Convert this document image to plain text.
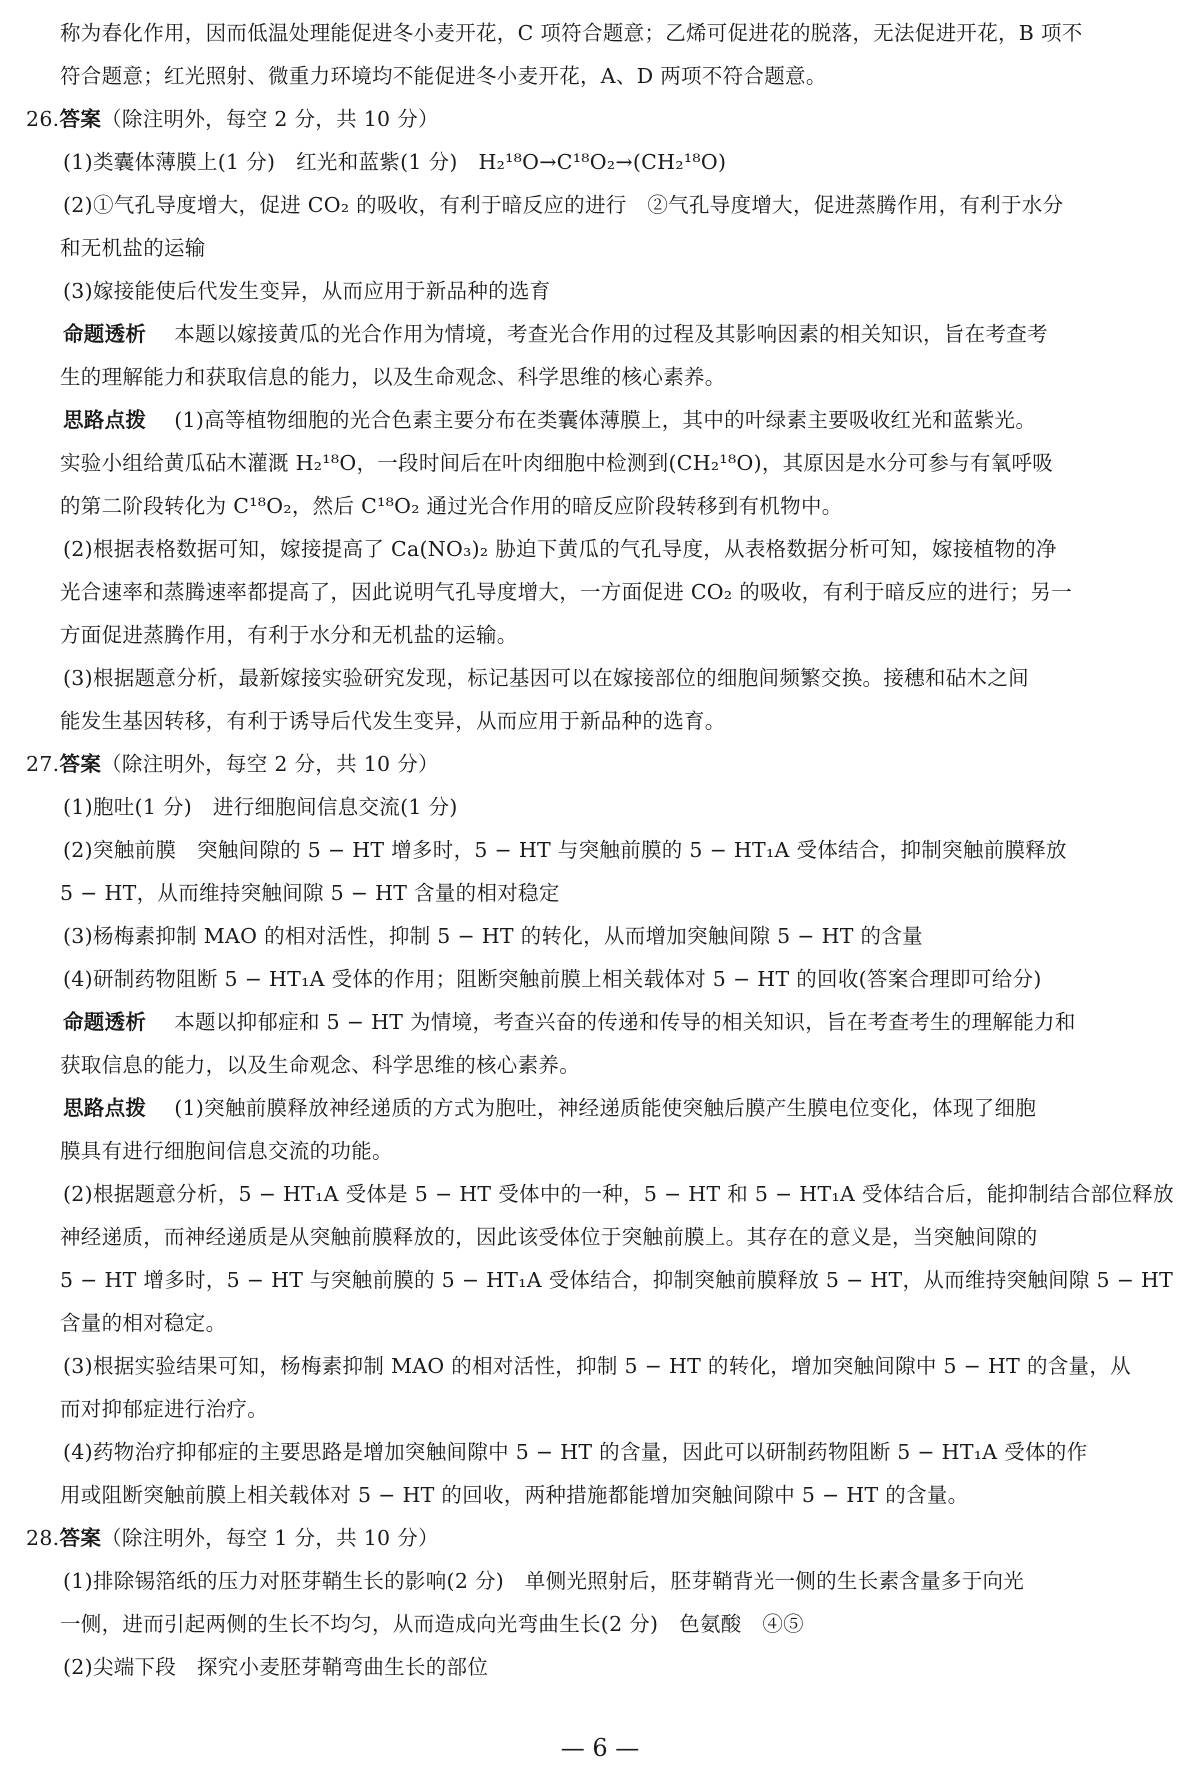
称为春化作用，因而低温处理能促进冬小麦开花，C 项符合题意；乙烯可促进花的脱落，无法促进开花，B 项不
符合题意；红光照射、微重力环境均不能促进冬小麦开花，A、D 两项不符合题意。
26.答案（除注明外，每空 2 分，共 10 分）
(1)类囊体薄膜上(1 分)　红光和蓝紫(1 分)　H₂¹⁸O→C¹⁸O₂→(CH₂¹⁸O)
(2)①气孔导度增大，促进 CO₂ 的吸收，有利于暗反应的进行　②气孔导度增大，促进蒸腾作用，有利于水分
和无机盐的运输
(3)嫁接能使后代发生变异，从而应用于新品种的选育
命题透析 本题以嫁接黄瓜的光合作用为情境，考查光合作用的过程及其影响因素的相关知识，旨在考查考
生的理解能力和获取信息的能力，以及生命观念、科学思维的核心素养。
思路点拨 (1)高等植物细胞的光合色素主要分布在类囊体薄膜上，其中的叶绿素主要吸收红光和蓝紫光。
实验小组给黄瓜砧木灌溉 H₂¹⁸O，一段时间后在叶肉细胞中检测到(CH₂¹⁸O)，其原因是水分可参与有氧呼吸
的第二阶段转化为 C¹⁸O₂，然后 C¹⁸O₂ 通过光合作用的暗反应阶段转移到有机物中。
(2)根据表格数据可知，嫁接提高了 Ca(NO₃)₂ 胁迫下黄瓜的气孔导度，从表格数据分析可知，嫁接植物的净
光合速率和蒸腾速率都提高了，因此说明气孔导度增大，一方面促进 CO₂ 的吸收，有利于暗反应的进行；另一
方面促进蒸腾作用，有利于水分和无机盐的运输。
(3)根据题意分析，最新嫁接实验研究发现，标记基因可以在嫁接部位的细胞间频繁交换。接穗和砧木之间
能发生基因转移，有利于诱导后代发生变异，从而应用于新品种的选育。
27.答案（除注明外，每空 2 分，共 10 分）
(1)胞吐(1 分)　进行细胞间信息交流(1 分)
(2)突触前膜　突触间隙的 5 − HT 增多时，5 − HT 与突触前膜的 5 − HT₁A 受体结合，抑制突触前膜释放
5 − HT，从而维持突触间隙 5 − HT 含量的相对稳定
(3)杨梅素抑制 MAO 的相对活性，抑制 5 − HT 的转化，从而增加突触间隙 5 − HT 的含量
(4)研制药物阻断 5 − HT₁A 受体的作用；阻断突触前膜上相关载体对 5 − HT 的回收(答案合理即可给分)
命题透析 本题以抑郁症和 5 − HT 为情境，考查兴奋的传递和传导的相关知识，旨在考查考生的理解能力和
获取信息的能力，以及生命观念、科学思维的核心素养。
思路点拨 (1)突触前膜释放神经递质的方式为胞吐，神经递质能使突触后膜产生膜电位变化，体现了细胞
膜具有进行细胞间信息交流的功能。
(2)根据题意分析，5 − HT₁A 受体是 5 − HT 受体中的一种，5 − HT 和 5 − HT₁A 受体结合后，能抑制结合部位释放
神经递质，而神经递质是从突触前膜释放的，因此该受体位于突触前膜上。其存在的意义是，当突触间隙的
5 − HT 增多时，5 − HT 与突触前膜的 5 − HT₁A 受体结合，抑制突触前膜释放 5 − HT，从而维持突触间隙 5 − HT
含量的相对稳定。
(3)根据实验结果可知，杨梅素抑制 MAO 的相对活性，抑制 5 − HT 的转化，增加突触间隙中 5 − HT 的含量，从
而对抑郁症进行治疗。
(4)药物治疗抑郁症的主要思路是增加突触间隙中 5 − HT 的含量，因此可以研制药物阻断 5 − HT₁A 受体的作
用或阻断突触前膜上相关载体对 5 − HT 的回收，两种措施都能增加突触间隙中 5 − HT 的含量。
28.答案（除注明外，每空 1 分，共 10 分）
(1)排除锡箔纸的压力对胚芽鞘生长的影响(2 分)　单侧光照射后，胚芽鞘背光一侧的生长素含量多于向光
一侧，进而引起两侧的生长不均匀，从而造成向光弯曲生长(2 分)　色氨酸　④⑤
(2)尖端下段　探究小麦胚芽鞘弯曲生长的部位
— 6 —
